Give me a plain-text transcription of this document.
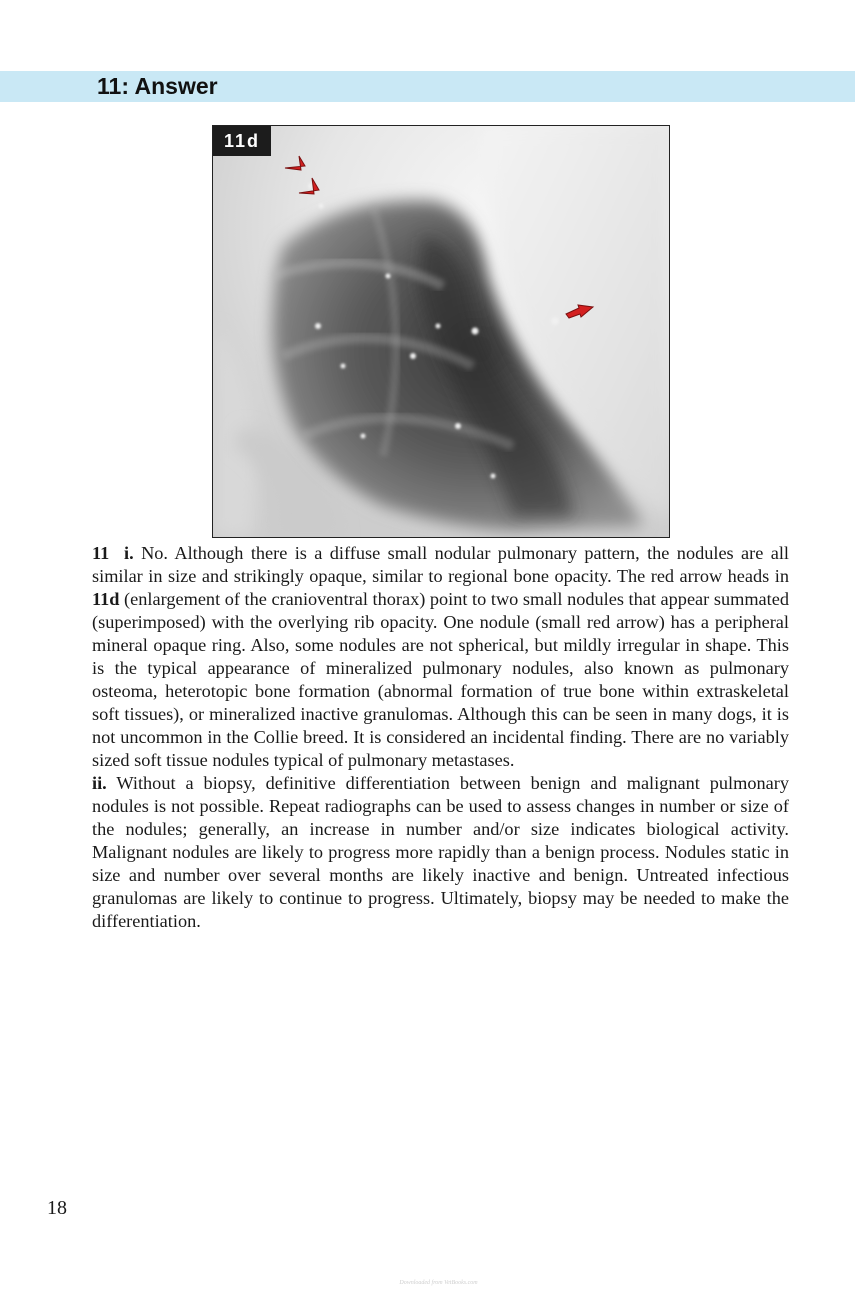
11: Answer
11d

11 i. No. Although there is a diffuse small nodular pulmonary pattern, the nodules are all similar in size and strikingly opaque, similar to regional bone opacity. The red arrow heads in 11d (enlargement of the cranioventral thorax) point to two small nodules that appear summated (superimposed) with the overlying rib opacity. One nodule (small red arrow) has a peripheral mineral opaque ring. Also, some nodules are not spherical, but mildly irregular in shape. This is the typical appearance of mineralized pulmonary nodules, also known as pulmonary osteoma, heterotopic bone formation (abnormal formation of true bone within extraskeletal soft tissues), or mineralized inactive granulomas. Although this can be seen in many dogs, it is not uncommon in the Collie breed. It is considered an incidental finding. There are no variably sized soft tissue nodules typical of pulmonary metastases.

ii. Without a biopsy, definitive differentiation between benign and malignant pulmonary nodules is not possible. Repeat radiographs can be used to assess changes in number or size of the nodules; generally, an increase in number and/or size indicates biological activity. Malignant nodules are likely to progress more rapidly than a benign process. Nodules static in size and number over several months are likely inactive and benign. Untreated infectious granulomas are likely to continue to progress. Ultimately, biopsy may be needed to make the differentiation.

18
Downloaded from VetBooks.com
